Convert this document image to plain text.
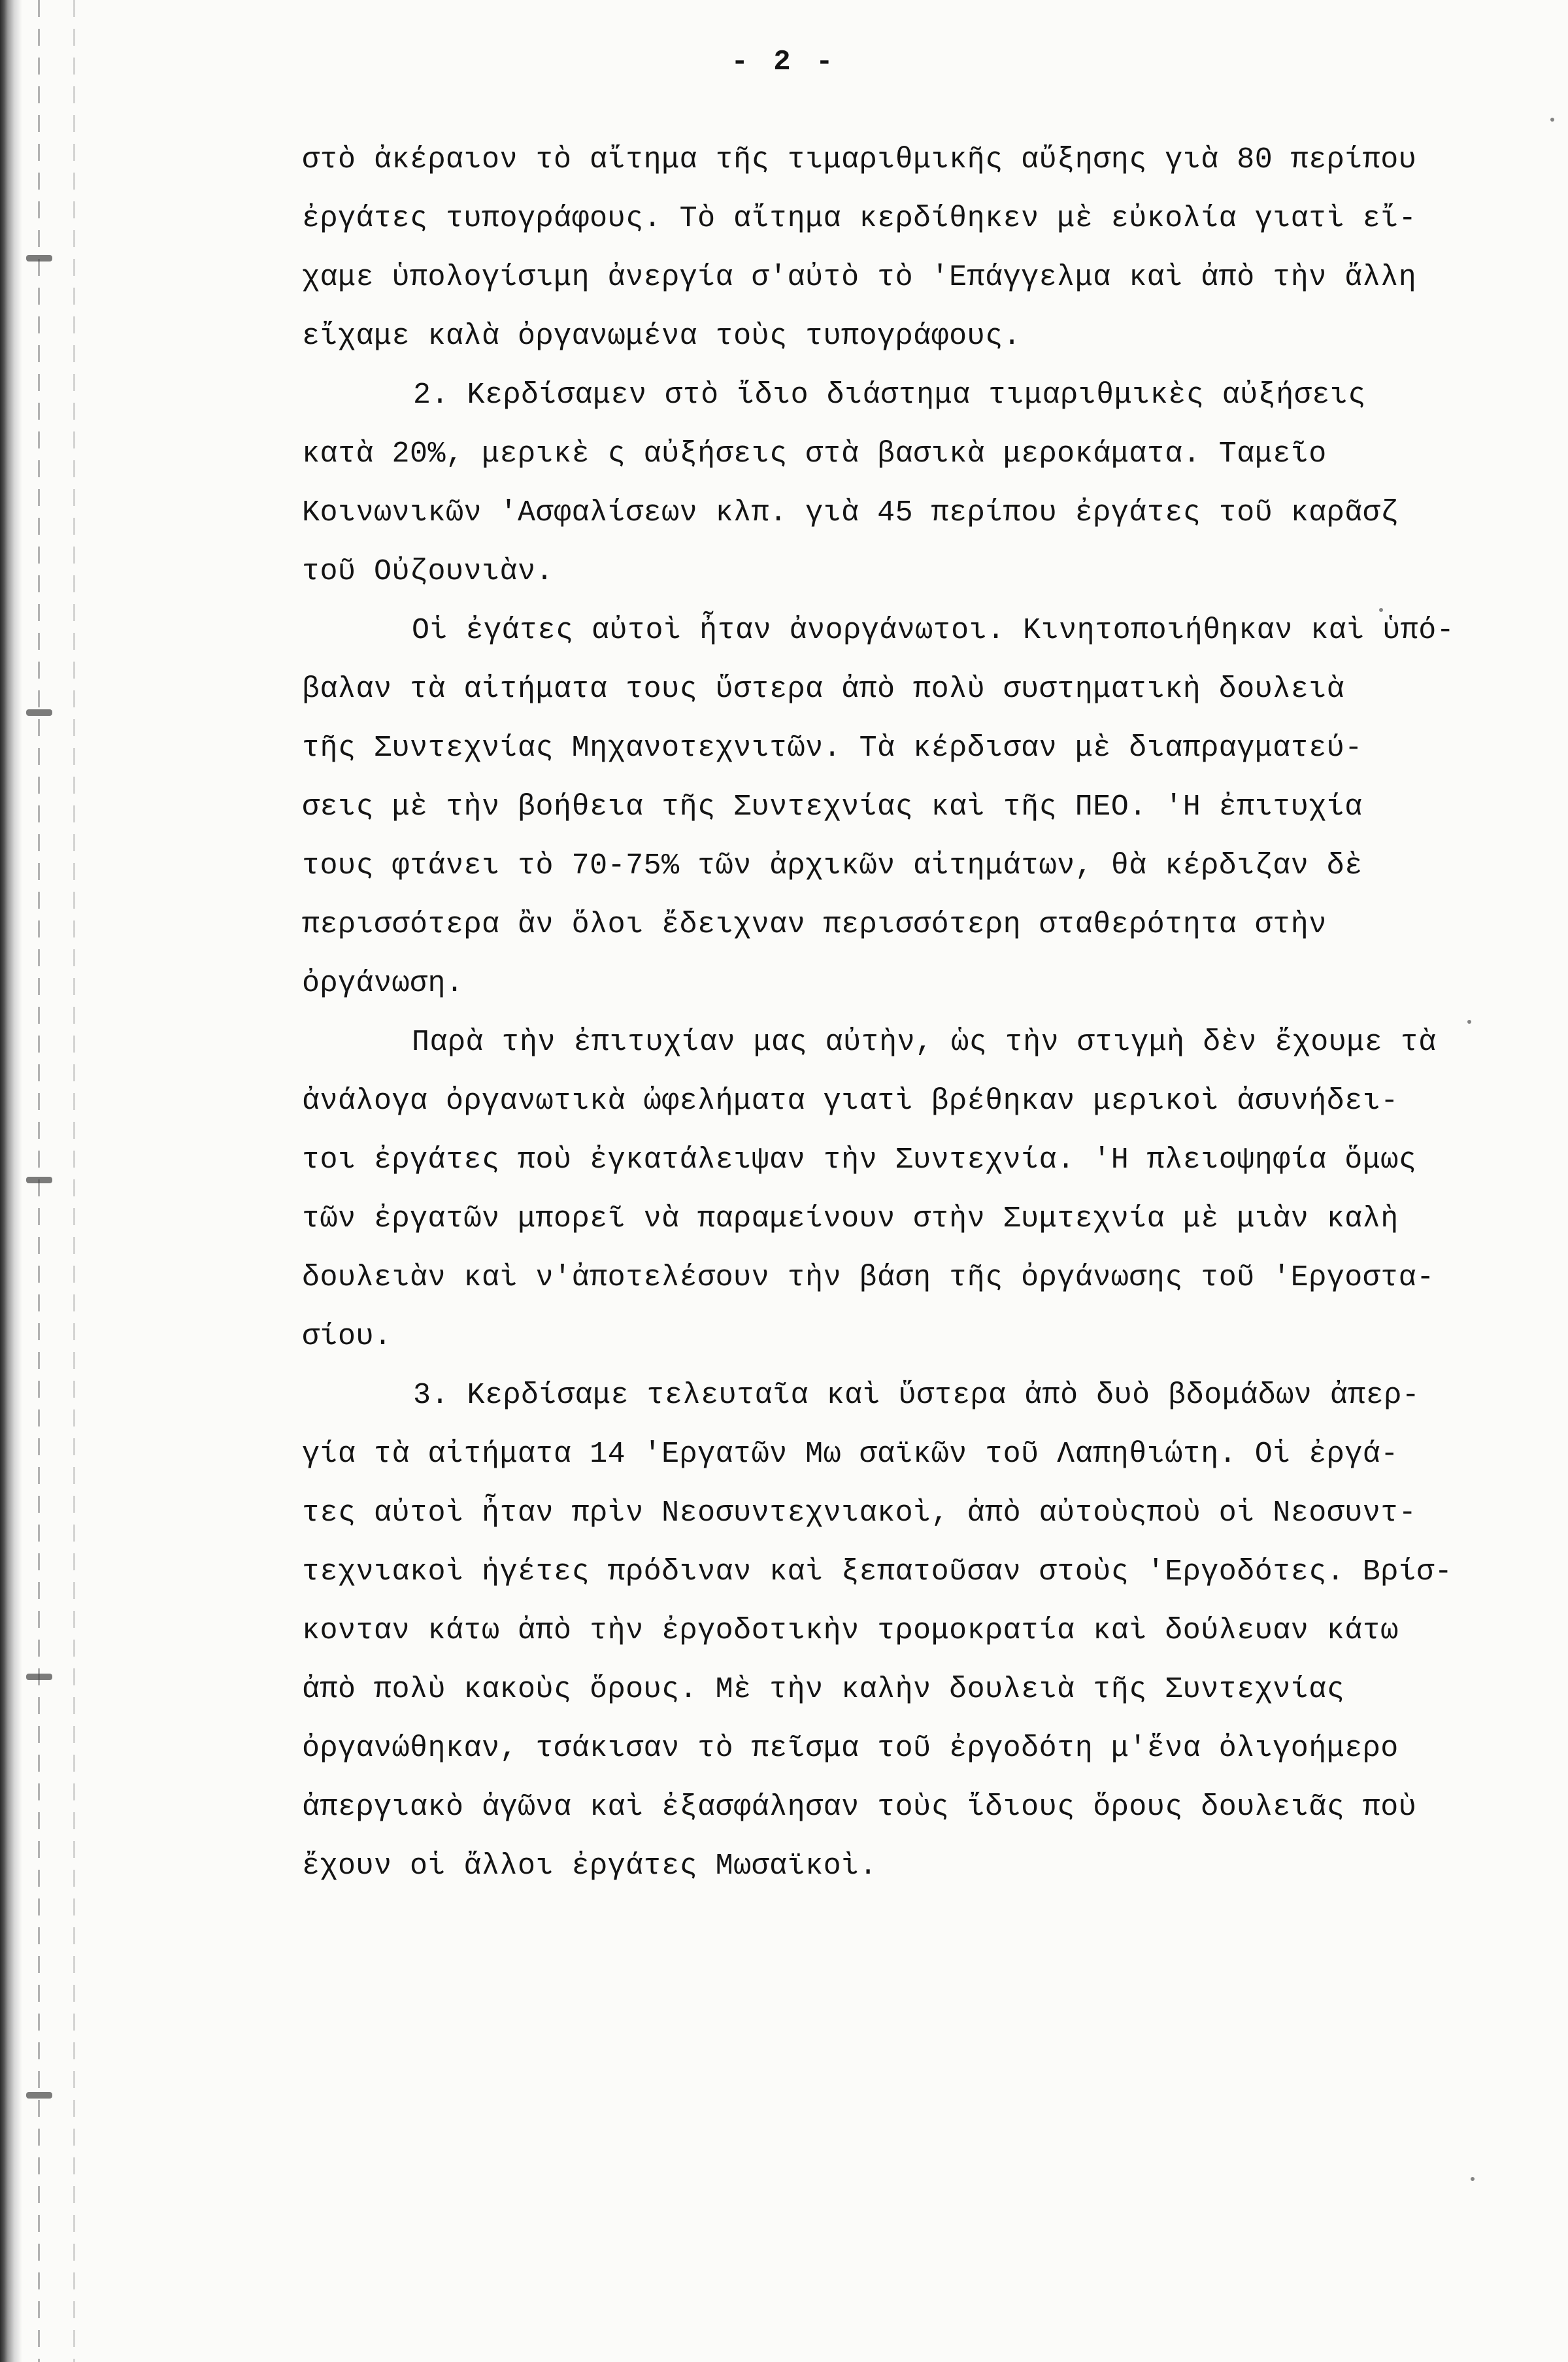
- 2 -
στὸ ἀκέραιον τὸ αἴτημα τῆς τιμαριθμικῆς αὔξησης γιὰ 80 περίπου
ἐργάτες τυπογράφους. Τὸ αἴτημα κερδίθηκεν μὲ εὐκολία γιατὶ εἴ-
χαμε ὑπολογίσιμη ἀνεργία σ'αὐτὸ τὸ 'Επάγγελμα καὶ ἀπὸ τὴν ἄλλη
εἴχαμε καλὰ ὀργανωμένα τοὺς τυπογράφους.
2. Κερδίσαμεν στὸ ἴδιο διάστημα τιμαριθμικὲς αὐξήσεις
κατὰ 20%, μερικὲ ς αὐξήσεις στὰ βασικὰ μεροκάματα. Ταμεῖο
Κοινωνικῶν 'Ασφαλίσεων κλπ. γιὰ 45 περίπου ἐργάτες τοῦ καρᾶσζ
τοῦ Οὐζουνιὰν.
Οἱ ἐγάτες αὐτοὶ ἦταν ἀνοργάνωτοι. Κινητοποιήθηκαν καὶ ὑπό-
βαλαν τὰ αἰτήματα τους ὕστερα ἀπὸ πολὺ συστηματικὴ δουλειὰ
τῆς Συντεχνίας Μηχανοτεχνιτῶν. Τὰ κέρδισαν μὲ διαπραγματεύ-
σεις μὲ τὴν βοήθεια τῆς Συντεχνίας καὶ τῆς ΠΕΟ. 'Η ἐπιτυχία
τους φτάνει τὸ 70-75% τῶν ἀρχικῶν αἰτημάτων, θὰ κέρδιζαν δὲ
περισσότερα ἂν ὅλοι ἔδειχναν περισσότερη σταθερότητα στὴν
ὀργάνωση.
Παρὰ τὴν ἐπιτυχίαν μας αὐτὴν, ὡς τὴν στιγμὴ δὲν ἔχουμε τὰ
ἀνάλογα ὀργανωτικὰ ὠφελήματα γιατὶ βρέθηκαν μερικοὶ ἀσυνήδει-
τοι ἐργάτες ποὺ ἐγκατάλειψαν τὴν Συντεχνία. 'Η πλειοψηφία ὅμως
τῶν ἐργατῶν μπορεῖ νὰ παραμείνουν στὴν Συμτεχνία μὲ μιὰν καλὴ
δουλειὰν καὶ ν'ἀποτελέσουν τὴν βάση τῆς ὀργάνωσης τοῦ 'Εργοστα-
σίου.
3. Κερδίσαμε τελευταῖα καὶ ὕστερα ἀπὸ δυὸ βδομάδων ἀπερ-
γία τὰ αἰτήματα 14 'Εργατῶν Μω σαϊκῶν τοῦ Λαπηθιώτη. Οἱ ἐργά-
τες αὐτοὶ ἦταν πρὶν Νεοσυντεχνιακοὶ, ἀπὸ αὐτοὺςποὺ οἱ Νεοσυντ-
τεχνιακοὶ ἡγέτες πρόδιναν καὶ ξεπατοῦσαν στοὺς 'Εργοδότες. Βρίσ-
κονταν κάτω ἀπὸ τὴν ἐργοδοτικὴν τρομοκρατία καὶ δούλευαν κάτω
ἀπὸ πολὺ κακοὺς ὅρους. Μὲ τὴν καλὴν δουλειὰ τῆς Συντεχνίας
ὀργανώθηκαν, τσάκισαν τὸ πεῖσμα τοῦ ἐργοδότη μ'ἕνα ὀλιγοήμερο
ἀπεργιακὸ ἀγῶνα καὶ ἐξασφάλησαν τοὺς ἴδιους ὅρους δουλειᾶς ποὺ
ἔχουν οἱ ἄλλοι ἐργάτες Μωσαϊκοὶ.
